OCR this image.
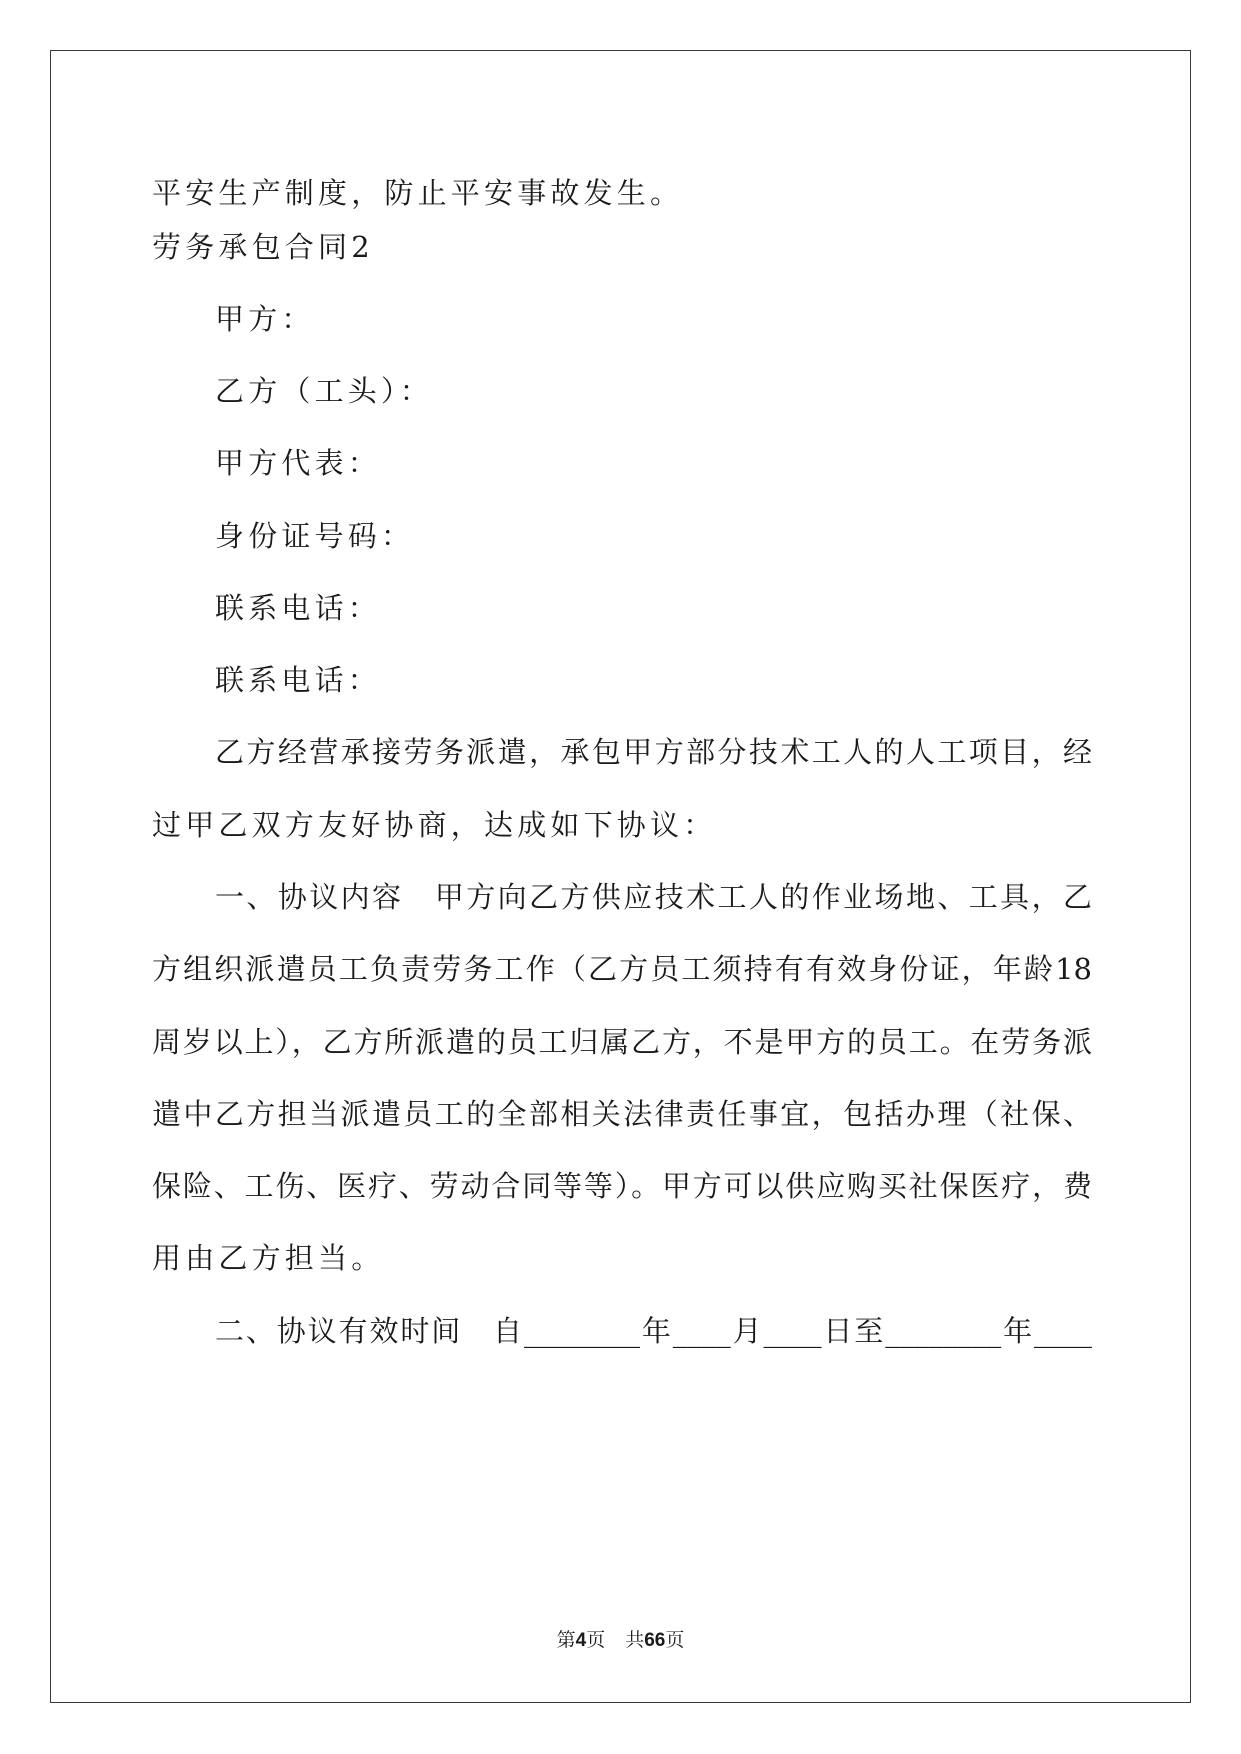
平安生产制度，防止平安事故发生。
劳务承包合同2
甲方：
乙方（工头）：
甲方代表：
身份证号码：
联系电话：
联系电话：
乙方经营承接劳务派遣，承包甲方部分技术工人的人工项目，经
过甲乙双方友好协商，达成如下协议：
一、协议内容　甲方向乙方供应技术工人的作业场地、工具，乙
方组织派遣员工负责劳务工作（乙方员工须持有有效身份证，年龄18
周岁以上），乙方所派遣的员工归属乙方，不是甲方的员工。在劳务派
遣中乙方担当派遣员工的全部相关法律责任事宜，包括办理（社保、
保险、工伤、医疗、劳动合同等等）。甲方可以供应购买社保医疗，费
用由乙方担当。
二、协议有效时间　自________年____月____日至________年____
第4页 共66页
